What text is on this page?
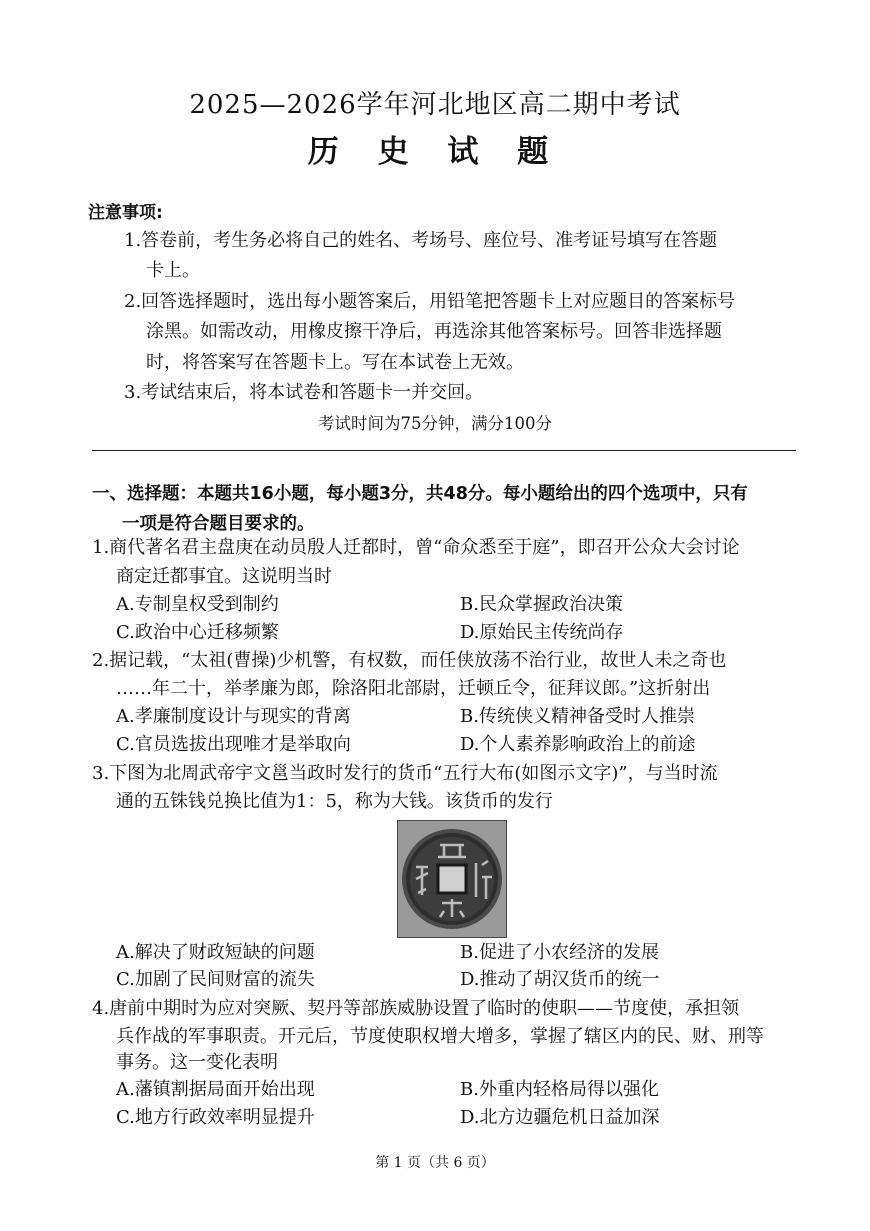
2025—2026学年河北地区高二期中考试
历 史 试 题
注意事项:
1.答卷前，考生务必将自己的姓名、考场号、座位号、准考证号填写在答题
卡上。
2.回答选择题时，选出每小题答案后，用铅笔把答题卡上对应题目的答案标号
涂黑。如需改动，用橡皮擦干净后，再选涂其他答案标号。回答非选择题
时，将答案写在答题卡上。写在本试卷上无效。
3.考试结束后，将本试卷和答题卡一并交回。
考试时间为75分钟，满分100分
一、选择题：本题共16小题，每小题3分，共48分。每小题给出的四个选项中，只有
一项是符合题目要求的。
1.商代著名君主盘庚在动员殷人迁都时，曾“命众悉至于庭”，即召开公众大会讨论
商定迁都事宜。这说明当时
A.专制皇权受到制约	B.民众掌握政治决策
C.政治中心迁移频繁	D.原始民主传统尚存
2.据记载，“太祖(曹操)少机警，有权数，而任侠放荡不治行业，故世人未之奇也
……年二十，举孝廉为郎，除洛阳北部尉，迁顿丘令，征拜议郎。”这折射出
A.孝廉制度设计与现实的背离	B.传统侠义精神备受时人推崇
C.官员选拔出现唯才是举取向	D.个人素养影响政治上的前途
3.下图为北周武帝宇文邕当政时发行的货币“五行大布(如图示文字)”，与当时流
通的五铢钱兑换比值为1：5，称为大钱。该货币的发行
A.解决了财政短缺的问题	B.促进了小农经济的发展
C.加剧了民间财富的流失	D.推动了胡汉货币的统一
4.唐前中期时为应对突厥、契丹等部族威胁设置了临时的使职——节度使，承担领
兵作战的军事职责。开元后，节度使职权增大增多，掌握了辖区内的民、财、刑等
事务。这一变化表明
A.藩镇割据局面开始出现	B.外重内轻格局得以强化
C.地方行政效率明显提升	D.北方边疆危机日益加深
第 1 页（共 6 页）
